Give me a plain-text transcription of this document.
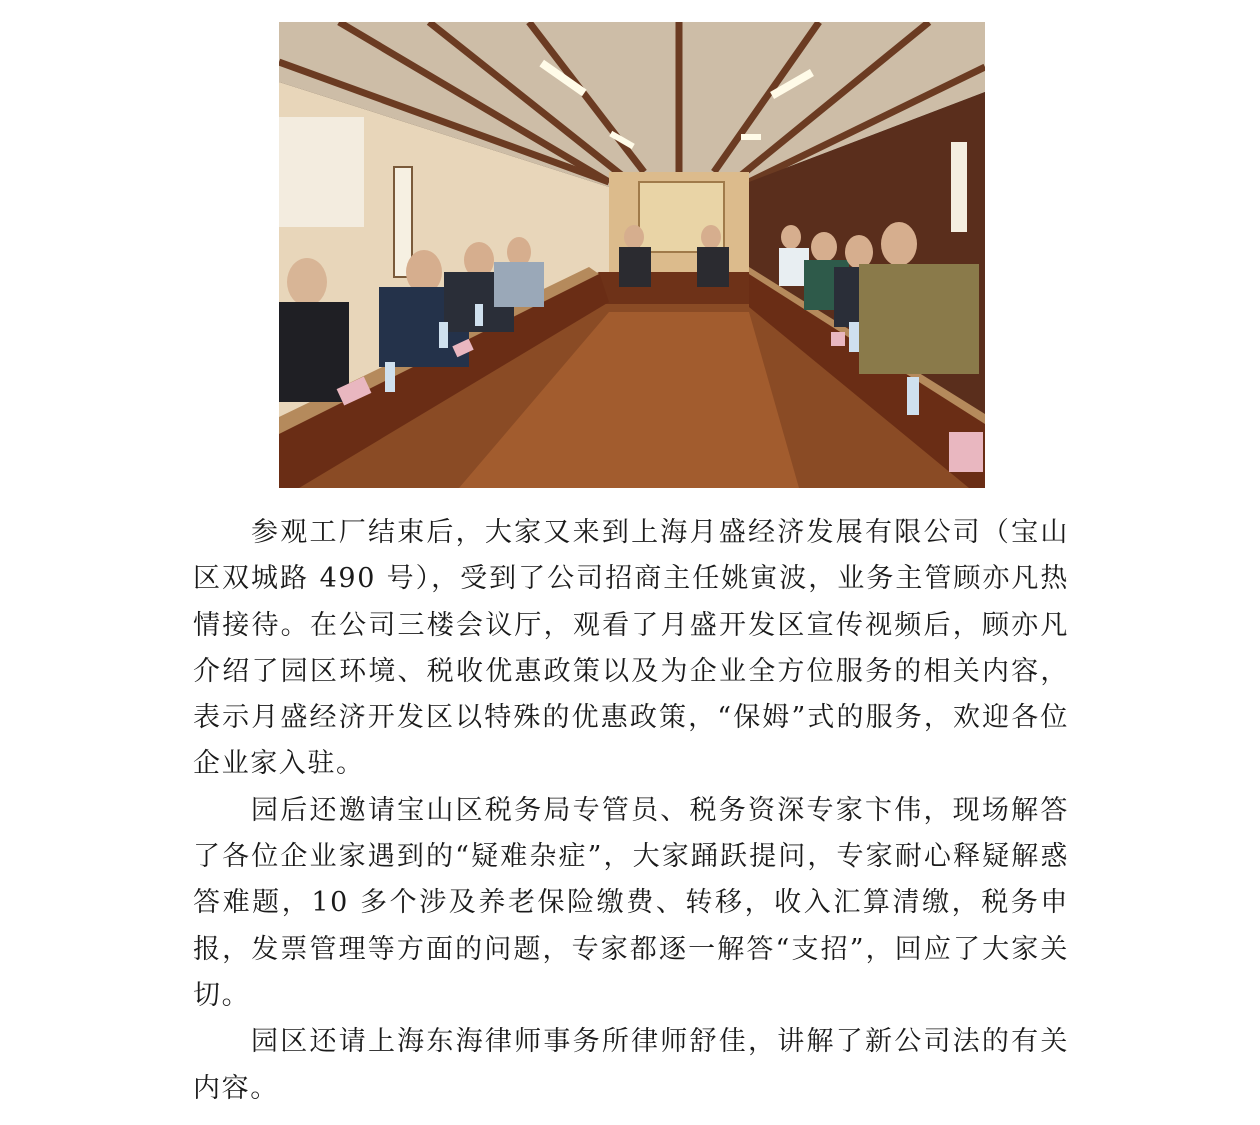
参观工厂结束后，大家又来到上海月盛经济发展有限公司（宝山区双城路 490 号），受到了公司招商主任姚寅波，业务主管顾亦凡热情接待。在公司三楼会议厅，观看了月盛开发区宣传视频后，顾亦凡介绍了园区环境、税收优惠政策以及为企业全方位服务的相关内容，表示月盛经济开发区以特殊的优惠政策，“保姆”式的服务，欢迎各位企业家入驻。

园后还邀请宝山区税务局专管员、税务资深专家卞伟，现场解答了各位企业家遇到的“疑难杂症”，大家踊跃提问，专家耐心释疑解惑答难题，10 多个涉及养老保险缴费、转移，收入汇算清缴，税务申报，发票管理等方面的问题，专家都逐一解答“支招”，回应了大家关切。

园区还请上海东海律师事务所律师舒佳，讲解了新公司法的有关内容。
